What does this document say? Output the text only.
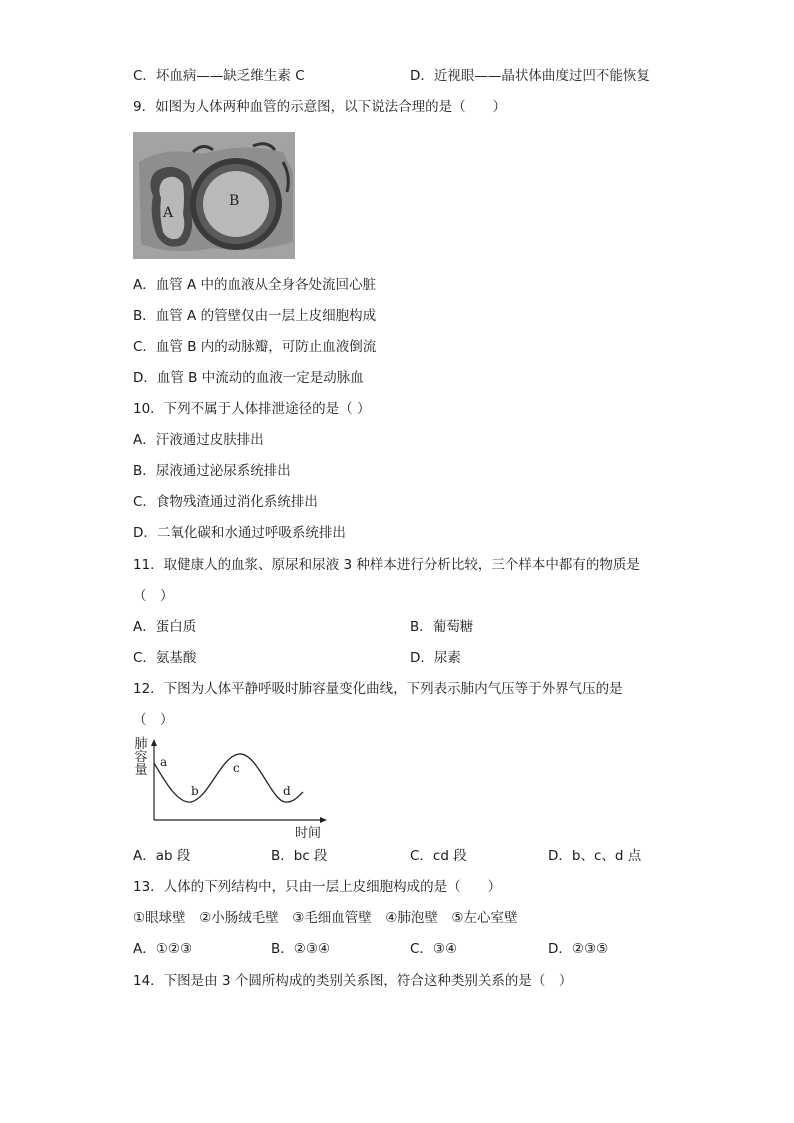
C．坏血病——缺乏维生素 C	D．近视眼——晶状体曲度过凹不能恢复
9．如图为人体两种血管的示意图，以下说法合理的是（　　）
A
B
A．血管 A 中的血液从全身各处流回心脏
B．血管 A 的管壁仅由一层上皮细胞构成
C．血管 B 内的动脉瓣，可防止血液倒流
D．血管 B 中流动的血液一定是动脉血
10．下列不属于人体排泄途径的是（ ）
A．汗液通过皮肤排出
B．尿液通过泌尿系统排出
C．食物残渣通过消化系统排出
D．二氧化碳和水通过呼吸系统排出
11．取健康人的血浆、原尿和尿液 3 种样本进行分析比较，三个样本中都有的物质是
（　）
A．蛋白质	B．葡萄糖
C．氨基酸	D．尿素
12．下图为人体平静呼吸时肺容量变化曲线，下列表示肺内气压等于外界气压的是
（　）
肺容量
a
b
c
d
时间
A．ab 段	B．bc 段	C．cd 段	D．b、c、d 点
13．人体的下列结构中，只由一层上皮细胞构成的是（　　）
①眼球壁　②小肠绒毛壁　③毛细血管壁　④肺泡壁　⑤左心室壁
A．①②③	B．②③④	C．③④	D．②③⑤
14．下图是由 3 个圆所构成的类别关系图，符合这种类别关系的是（　）
